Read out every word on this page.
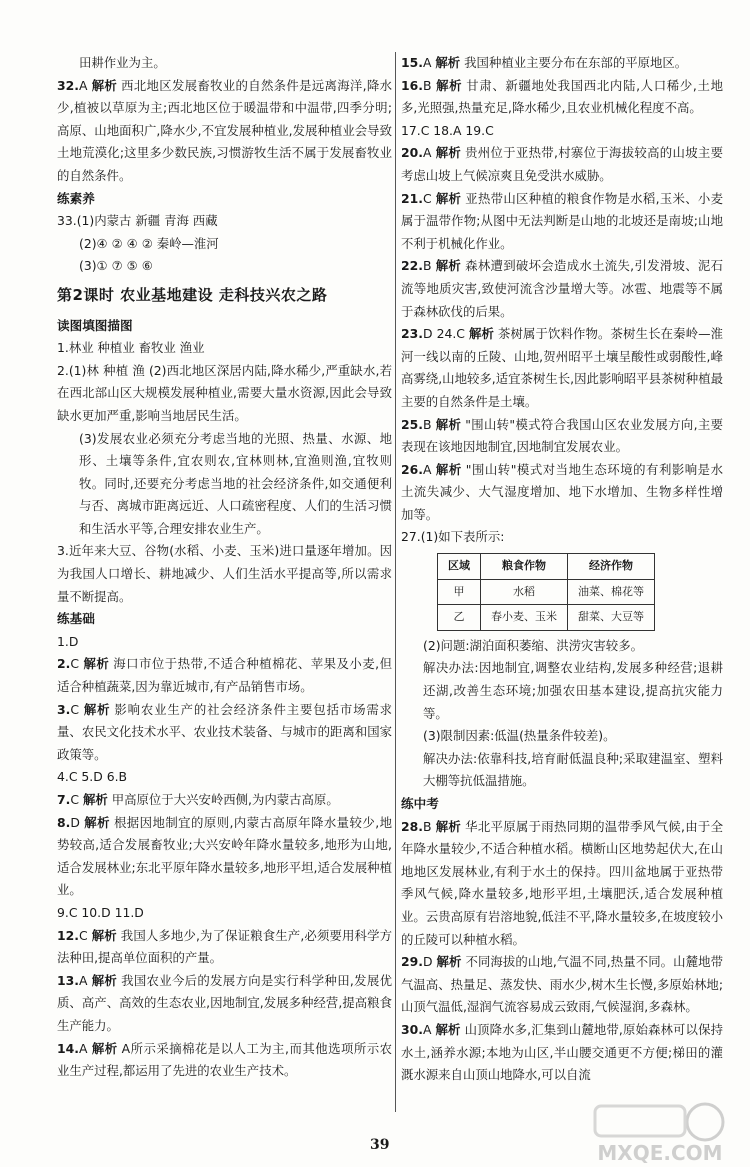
田耕作业为主。

32.A 解析 西北地区发展畜牧业的自然条件是远离海洋,降水少,植被以草原为主;西北地区位于暖温带和中温带,四季分明;高原、山地面积广,降水少,不宜发展种植业,发展种植业会导致土地荒漠化;这里多少数民族,习惯游牧生活不属于发展畜牧业的自然条件。

练素养

33.(1)内蒙古 新疆 青海 西藏

(2)④ ② ④ ② 秦岭—淮河

(3)① ⑦ ⑤ ⑥

第2课时 农业基地建设 走科技兴农之路
读图填图描图

1.林业 种植业 畜牧业 渔业

2.(1)林 种植 渔 (2)西北地区深居内陆,降水稀少,严重缺水,若在西北部山区大规模发展种植业,需要大量水资源,因此会导致缺水更加严重,影响当地居民生活。

(3)发展农业必须充分考虑当地的光照、热量、水源、地形、土壤等条件,宜农则农,宜林则林,宜渔则渔,宜牧则牧。同时,还要充分考虑当地的社会经济条件,如交通便利与否、离城市距离远近、人口疏密程度、人们的生活习惯和生活水平等,合理安排农业生产。

3.近年来大豆、谷物(水稻、小麦、玉米)进口量逐年增加。因为我国人口增长、耕地减少、人们生活水平提高等,所以需求量不断提高。

练基础

1.D

2.C 解析 海口市位于热带,不适合种植棉花、苹果及小麦,但适合种植蔬菜,因为靠近城市,有产品销售市场。

3.C 解析 影响农业生产的社会经济条件主要包括市场需求量、农民文化技术水平、农业技术装备、与城市的距离和国家政策等。

4.C 5.D 6.B

7.C 解析 甲高原位于大兴安岭西侧,为内蒙古高原。

8.D 解析 根据因地制宜的原则,内蒙古高原年降水量较少,地势较高,适合发展畜牧业;大兴安岭年降水量较多,地形为山地,适合发展林业;东北平原年降水量较多,地形平坦,适合发展种植业。

9.C 10.D 11.D

12.C 解析 我国人多地少,为了保证粮食生产,必须要用科学方法种田,提高单位面积的产量。

13.A 解析 我国农业今后的发展方向是实行科学种田,发展优质、高产、高效的生态农业,因地制宜,发展多种经营,提高粮食生产能力。

14.A 解析 A所示采摘棉花是以人工为主,而其他选项所示农业生产过程,都运用了先进的农业生产技术。

15.A 解析 我国种植业主要分布在东部的平原地区。

16.B 解析 甘肃、新疆地处我国西北内陆,人口稀少,土地多,光照强,热量充足,降水稀少,且农业机械化程度不高。

17.C 18.A 19.C

20.A 解析 贵州位于亚热带,村寨位于海拔较高的山坡主要考虑山坡上气候凉爽且免受洪水威胁。

21.C 解析 亚热带山区种植的粮食作物是水稻,玉米、小麦属于温带作物;从图中无法判断是山地的北坡还是南坡;山地不利于机械化作业。

22.B 解析 森林遭到破坏会造成水土流失,引发滑坡、泥石流等地质灾害,致使河流含沙量增大等。冰雹、地震等不属于森林砍伐的后果。

23.D 24.C 解析 茶树属于饮料作物。茶树生长在秦岭—淮河一线以南的丘陵、山地,贺州昭平土壤呈酸性或弱酸性,峰高雾绕,山地较多,适宜茶树生长,因此影响昭平县茶树种植最主要的自然条件是土壤。

25.B 解析 "围山转"模式符合我国山区农业发展方向,主要表现在该地因地制宜,因地制宜发展农业。

26.A 解析 "围山转"模式对当地生态环境的有利影响是水土流失减少、大气湿度增加、地下水增加、生物多样性增加等。

27.(1)如下表所示:

区域	粮食作物	经济作物
甲	水稻	油菜、棉花等
乙	春小麦、玉米	甜菜、大豆等

(2)问题:湖泊面积萎缩、洪涝灾害较多。

解决办法:因地制宜,调整农业结构,发展多种经营;退耕还湖,改善生态环境;加强农田基本建设,提高抗灾能力等。

(3)限制因素:低温(热量条件较差)。

解决办法:依靠科技,培育耐低温良种;采取建温室、塑料大棚等抗低温措施。

练中考

28.B 解析 华北平原属于雨热同期的温带季风气候,由于全年降水量较少,不适合种植水稻。横断山区地势起伏大,在山地地区发展林业,有利于水土的保持。四川盆地属于亚热带季风气候,降水量较多,地形平坦,土壤肥沃,适合发展种植业。云贵高原有岩溶地貌,低洼不平,降水量较多,在坡度较小的丘陵可以种植水稻。

29.D 解析 不同海拔的山地,气温不同,热量不同。山麓地带气温高、热量足、蒸发快、雨水少,树木生长慢,多原始林地;山顶气温低,湿润气流容易成云致雨,气候湿润,多森林。

30.A 解析 山顶降水多,汇集到山麓地带,原始森林可以保持水土,涵养水源;本地为山区,半山腰交通更不方便;梯田的灌溉水源来自山顶山地降水,可以自流

39	MXQE.COM
